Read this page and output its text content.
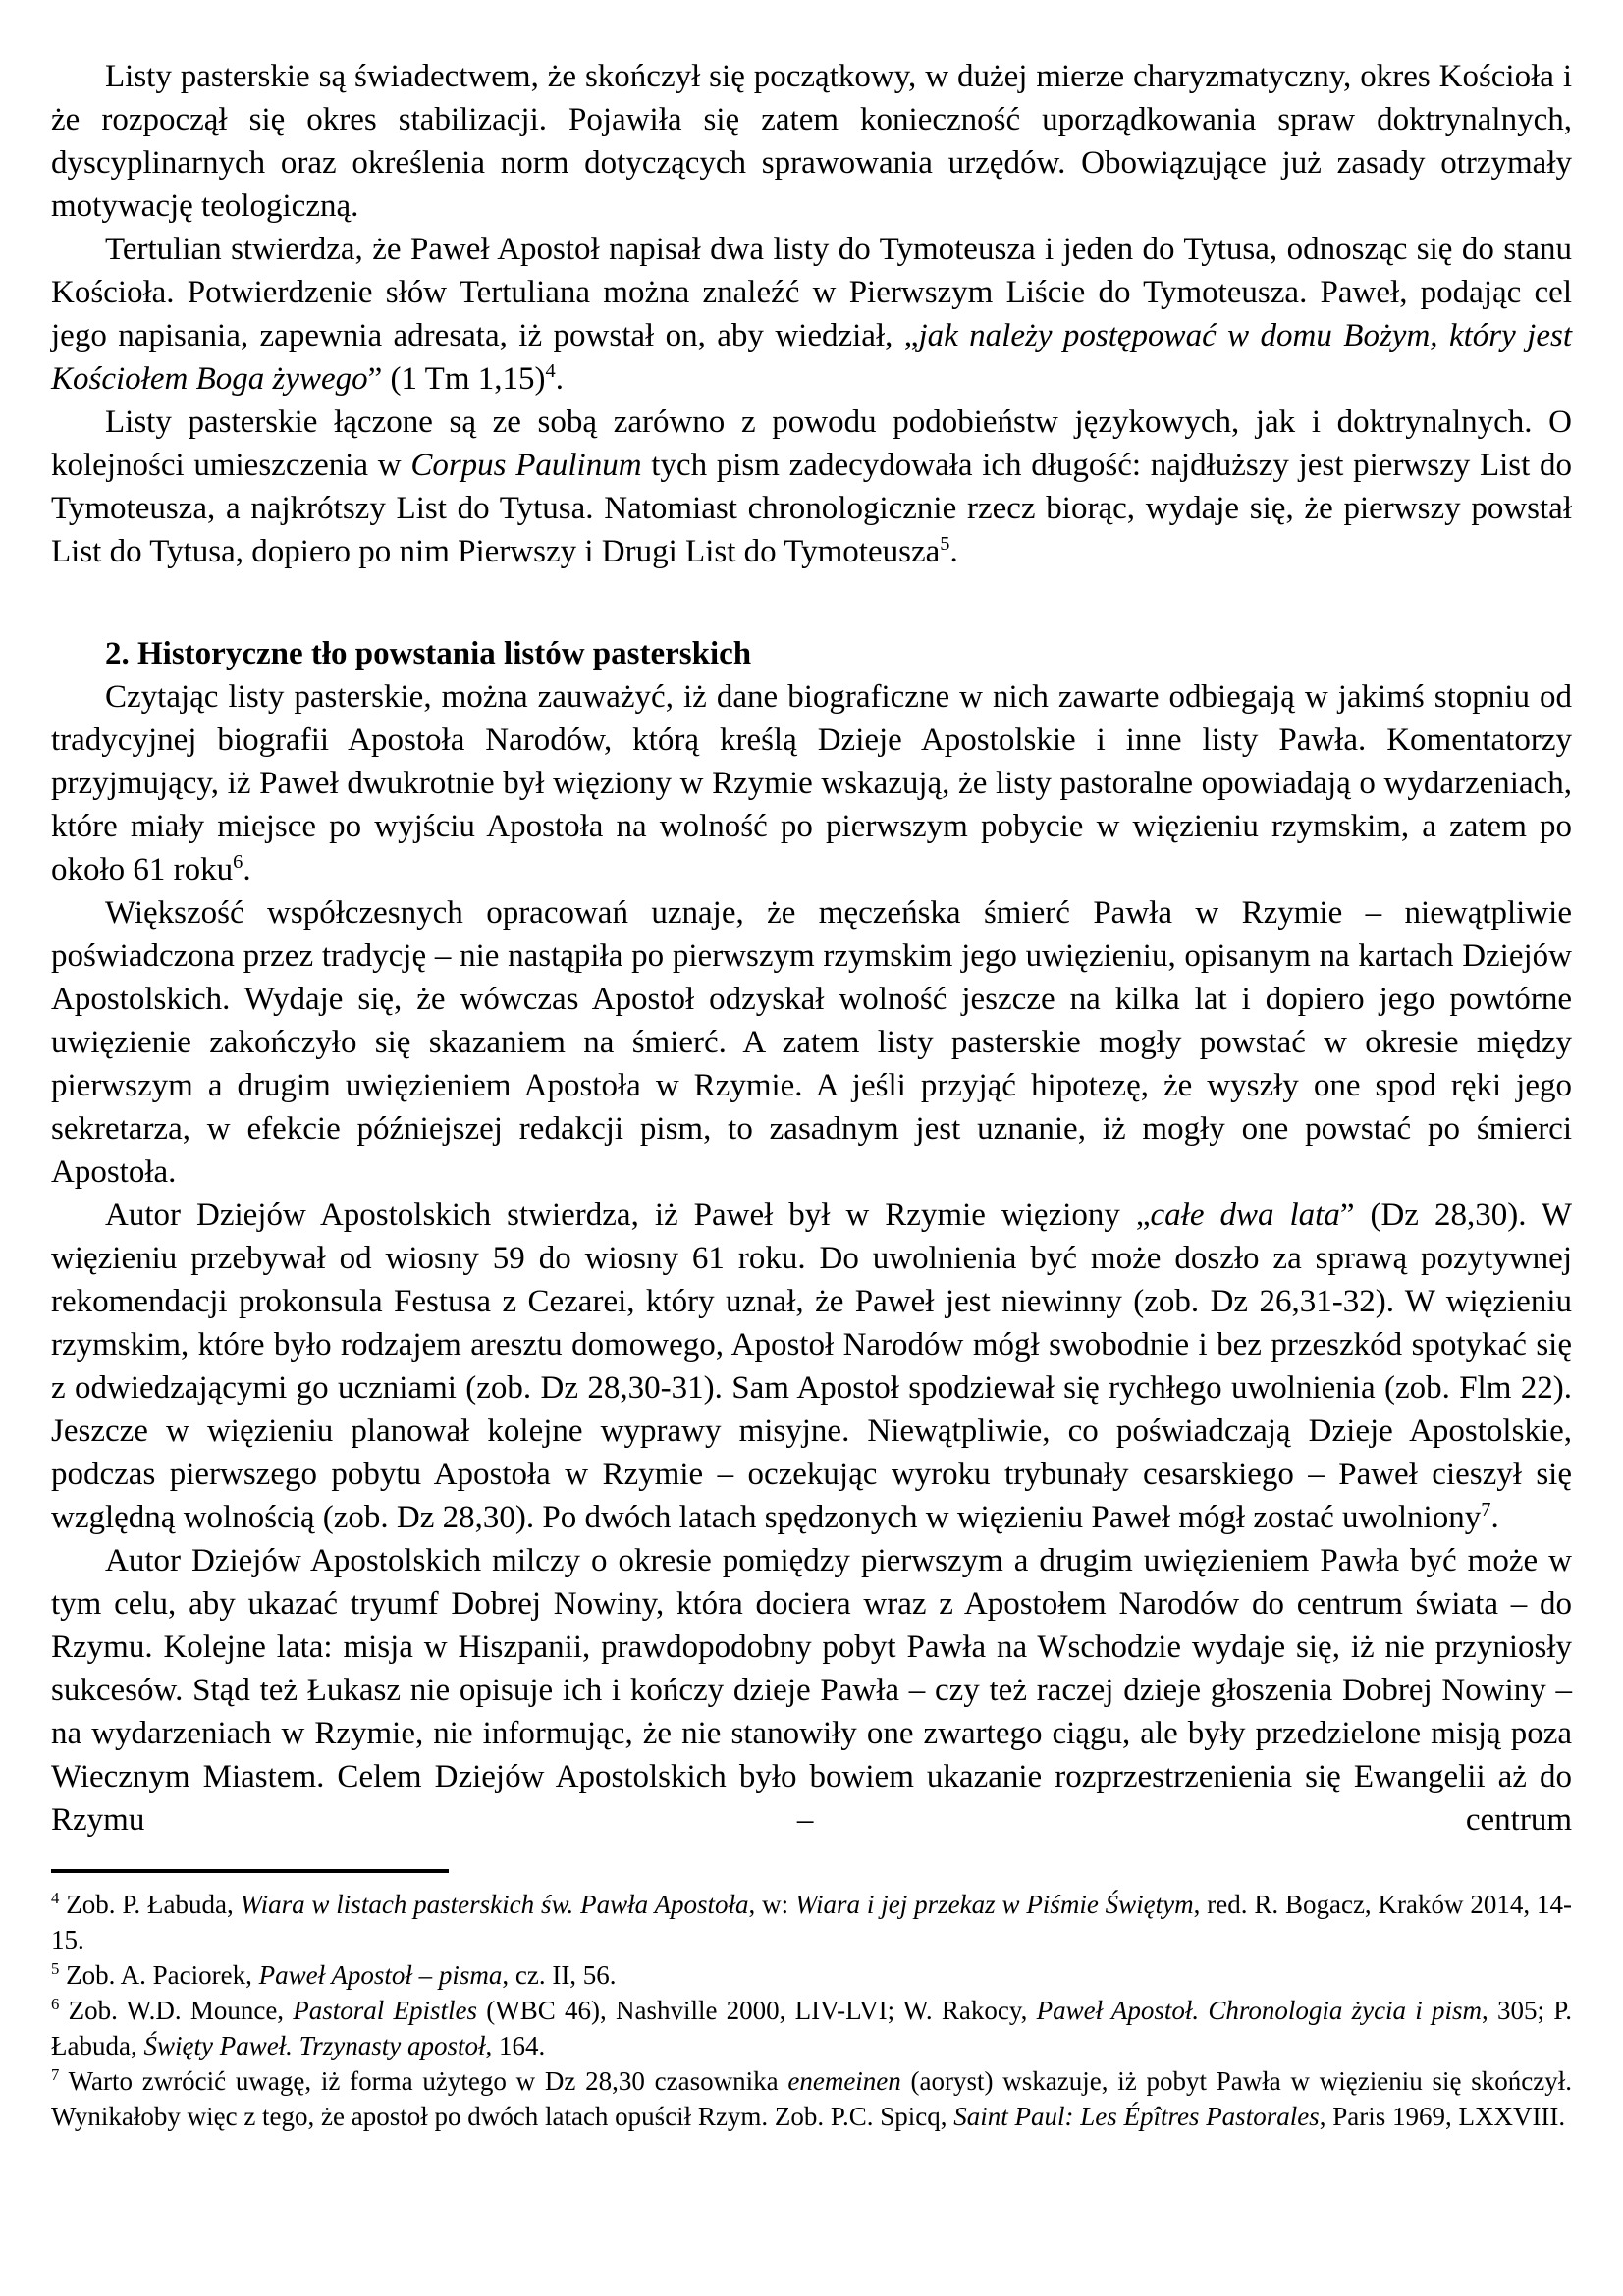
Listy pasterskie są świadectwem, że skończył się początkowy, w dużej mierze charyzmatyczny, okres Kościoła i że rozpoczął się okres stabilizacji. Pojawiła się zatem konieczność uporządkowania spraw doktrynalnych, dyscyplinarnych oraz określenia norm dotyczących sprawowania urzędów. Obowiązujące już zasady otrzymały motywację teologiczną.

Tertulian stwierdza, że Paweł Apostoł napisał dwa listy do Tymoteusza i jeden do Tytusa, odnosząc się do stanu Kościoła. Potwierdzenie słów Tertuliana można znaleźć w Pierwszym Liście do Tymoteusza. Paweł, podając cel jego napisania, zapewnia adresata, iż powstał on, aby wiedział, „jak należy postępować w domu Bożym, który jest Kościołem Boga żywego” (1 Tm 1,15)$^4$.

Listy pasterskie łączone są ze sobą zarówno z powodu podobieństw językowych, jak i doktrynalnych. O kolejności umieszczenia w Corpus Paulinum tych pism zadecydowała ich długość: najdłuższy jest pierwszy List do Tymoteusza, a najkrótszy List do Tytusa. Natomiast chronologicznie rzecz biorąc, wydaje się, że pierwszy powstał List do Tytusa, dopiero po nim Pierwszy i Drugi List do Tymoteusza$^5$.

2. Historyczne tło powstania listów pasterskich

Czytając listy pasterskie, można zauważyć, iż dane biograficzne w nich zawarte odbiegają w jakimś stopniu od tradycyjnej biografii Apostoła Narodów, którą kreślą Dzieje Apostolskie i inne listy Pawła. Komentatorzy przyjmujący, iż Paweł dwukrotnie był więziony w Rzymie wskazują, że listy pastoralne opowiadają o wydarzeniach, które miały miejsce po wyjściu Apostoła na wolność po pierwszym pobycie w więzieniu rzymskim, a zatem po około 61 roku$^6$.

Większość współczesnych opracowań uznaje, że męczeńska śmierć Pawła w Rzymie – niewątpliwie poświadczona przez tradycję – nie nastąpiła po pierwszym rzymskim jego uwięzieniu, opisanym na kartach Dziejów Apostolskich. Wydaje się, że wówczas Apostoł odzyskał wolność jeszcze na kilka lat i dopiero jego powtórne uwięzienie zakończyło się skazaniem na śmierć. A zatem listy pasterskie mogły powstać w okresie między pierwszym a drugim uwięzieniem Apostoła w Rzymie. A jeśli przyjąć hipotezę, że wyszły one spod ręki jego sekretarza, w efekcie późniejszej redakcji pism, to zasadnym jest uznanie, iż mogły one powstać po śmierci Apostoła.

Autor Dziejów Apostolskich stwierdza, iż Paweł był w Rzymie więziony „całe dwa lata” (Dz 28,30). W więzieniu przebywał od wiosny 59 do wiosny 61 roku. Do uwolnienia być może doszło za sprawą pozytywnej rekomendacji prokonsula Festusa z Cezarei, który uznał, że Paweł jest niewinny (zob. Dz 26,31-32). W więzieniu rzymskim, które było rodzajem aresztu domowego, Apostoł Narodów mógł swobodnie i bez przeszkód spotykać się z odwiedzającymi go uczniami (zob. Dz 28,30-31). Sam Apostoł spodziewał się rychłego uwolnienia (zob. Flm 22). Jeszcze w więzieniu planował kolejne wyprawy misyjne. Niewątpliwie, co poświadczają Dzieje Apostolskie, podczas pierwszego pobytu Apostoła w Rzymie – oczekując wyroku trybunały cesarskiego – Paweł cieszył się względną wolnością (zob. Dz 28,30). Po dwóch latach spędzonych w więzieniu Paweł mógł zostać uwolniony$^7$.

Autor Dziejów Apostolskich milczy o okresie pomiędzy pierwszym a drugim uwięzieniem Pawła być może w tym celu, aby ukazać tryumf Dobrej Nowiny, która dociera wraz z Apostołem Narodów do centrum świata – do Rzymu. Kolejne lata: misja w Hiszpanii, prawdopodobny pobyt Pawła na Wschodzie wydaje się, iż nie przyniosły sukcesów. Stąd też Łukasz nie opisuje ich i kończy dzieje Pawła – czy też raczej dzieje głoszenia Dobrej Nowiny – na wydarzeniach w Rzymie, nie informując, że nie stanowiły one zwartego ciągu, ale były przedzielone misją poza Wiecznym Miastem. Celem Dziejów Apostolskich było bowiem ukazanie rozprzestrzenienia się Ewangelii aż do Rzymu – centrum

$^4$ Zob. P. Łabuda, Wiara w listach pasterskich św. Pawła Apostoła, w: Wiara i jej przekaz w Piśmie Świętym, red. R. Bogacz, Kraków 2014, 14-15.

$^5$ Zob. A. Paciorek, Paweł Apostoł – pisma, cz. II, 56.

$^6$ Zob. W.D. Mounce, Pastoral Epistles (WBC 46), Nashville 2000, LIV-LVI; W. Rakocy, Paweł Apostoł. Chronologia życia i pism, 305; P. Łabuda, Święty Paweł. Trzynasty apostoł, 164.

$^7$ Warto zwrócić uwagę, iż forma użytego w Dz 28,30 czasownika enemeinen (aoryst) wskazuje, iż pobyt Pawła w więzieniu się skończył. Wynikałoby więc z tego, że apostoł po dwóch latach opuścił Rzym. Zob. P.C. Spicq, Saint Paul: Les Épîtres Pastorales, Paris 1969, LXXVIII.
